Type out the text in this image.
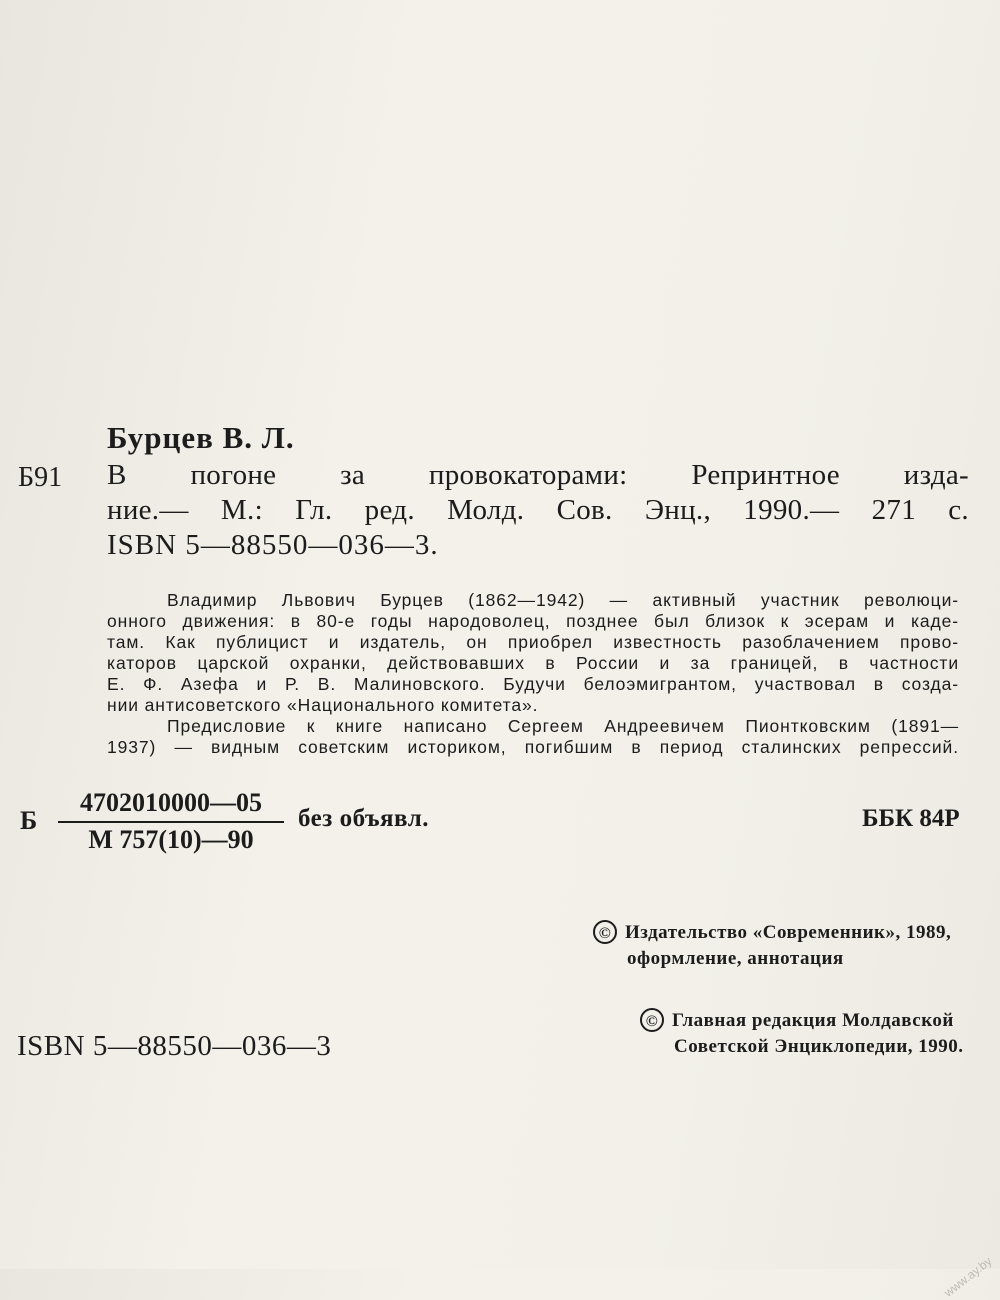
Бурцев В. Л.
Б91 В погоне за провокаторами: Репринтное изда-
ние.— М.: Гл. ред. Молд. Сов. Энц., 1990.— 271 с.
ISBN 5—88550—036—3.

Владимир Львович Бурцев (1862—1942) — активный участник революци-
онного движения: в 80-е годы народоволец, позднее был близок к эсерам и каде-
там. Как публицист и издатель, он приобрел известность разоблачением прово-
каторов царской охранки, действовавших в России и за границей, в частности
Е. Ф. Азефа и Р. В. Малиновского. Будучи белоэмигрантом, участвовал в созда-
нии антисоветского «Национального комитета».

Предисловие к книге написано Сергеем Андреевичем Пионтковским (1891—
1937) — видным советским историком, погибшим в период сталинских репрессий.

Б
4702010000—05
М 757(10)—90
без объявл.	ББК 84Р
© Издательство «Современник», 1989,
оформление, аннотация
© Главная редакция Молдавской
Советской Энциклопедии, 1990.
ISBN 5—88550—036—3
www.ay.by
